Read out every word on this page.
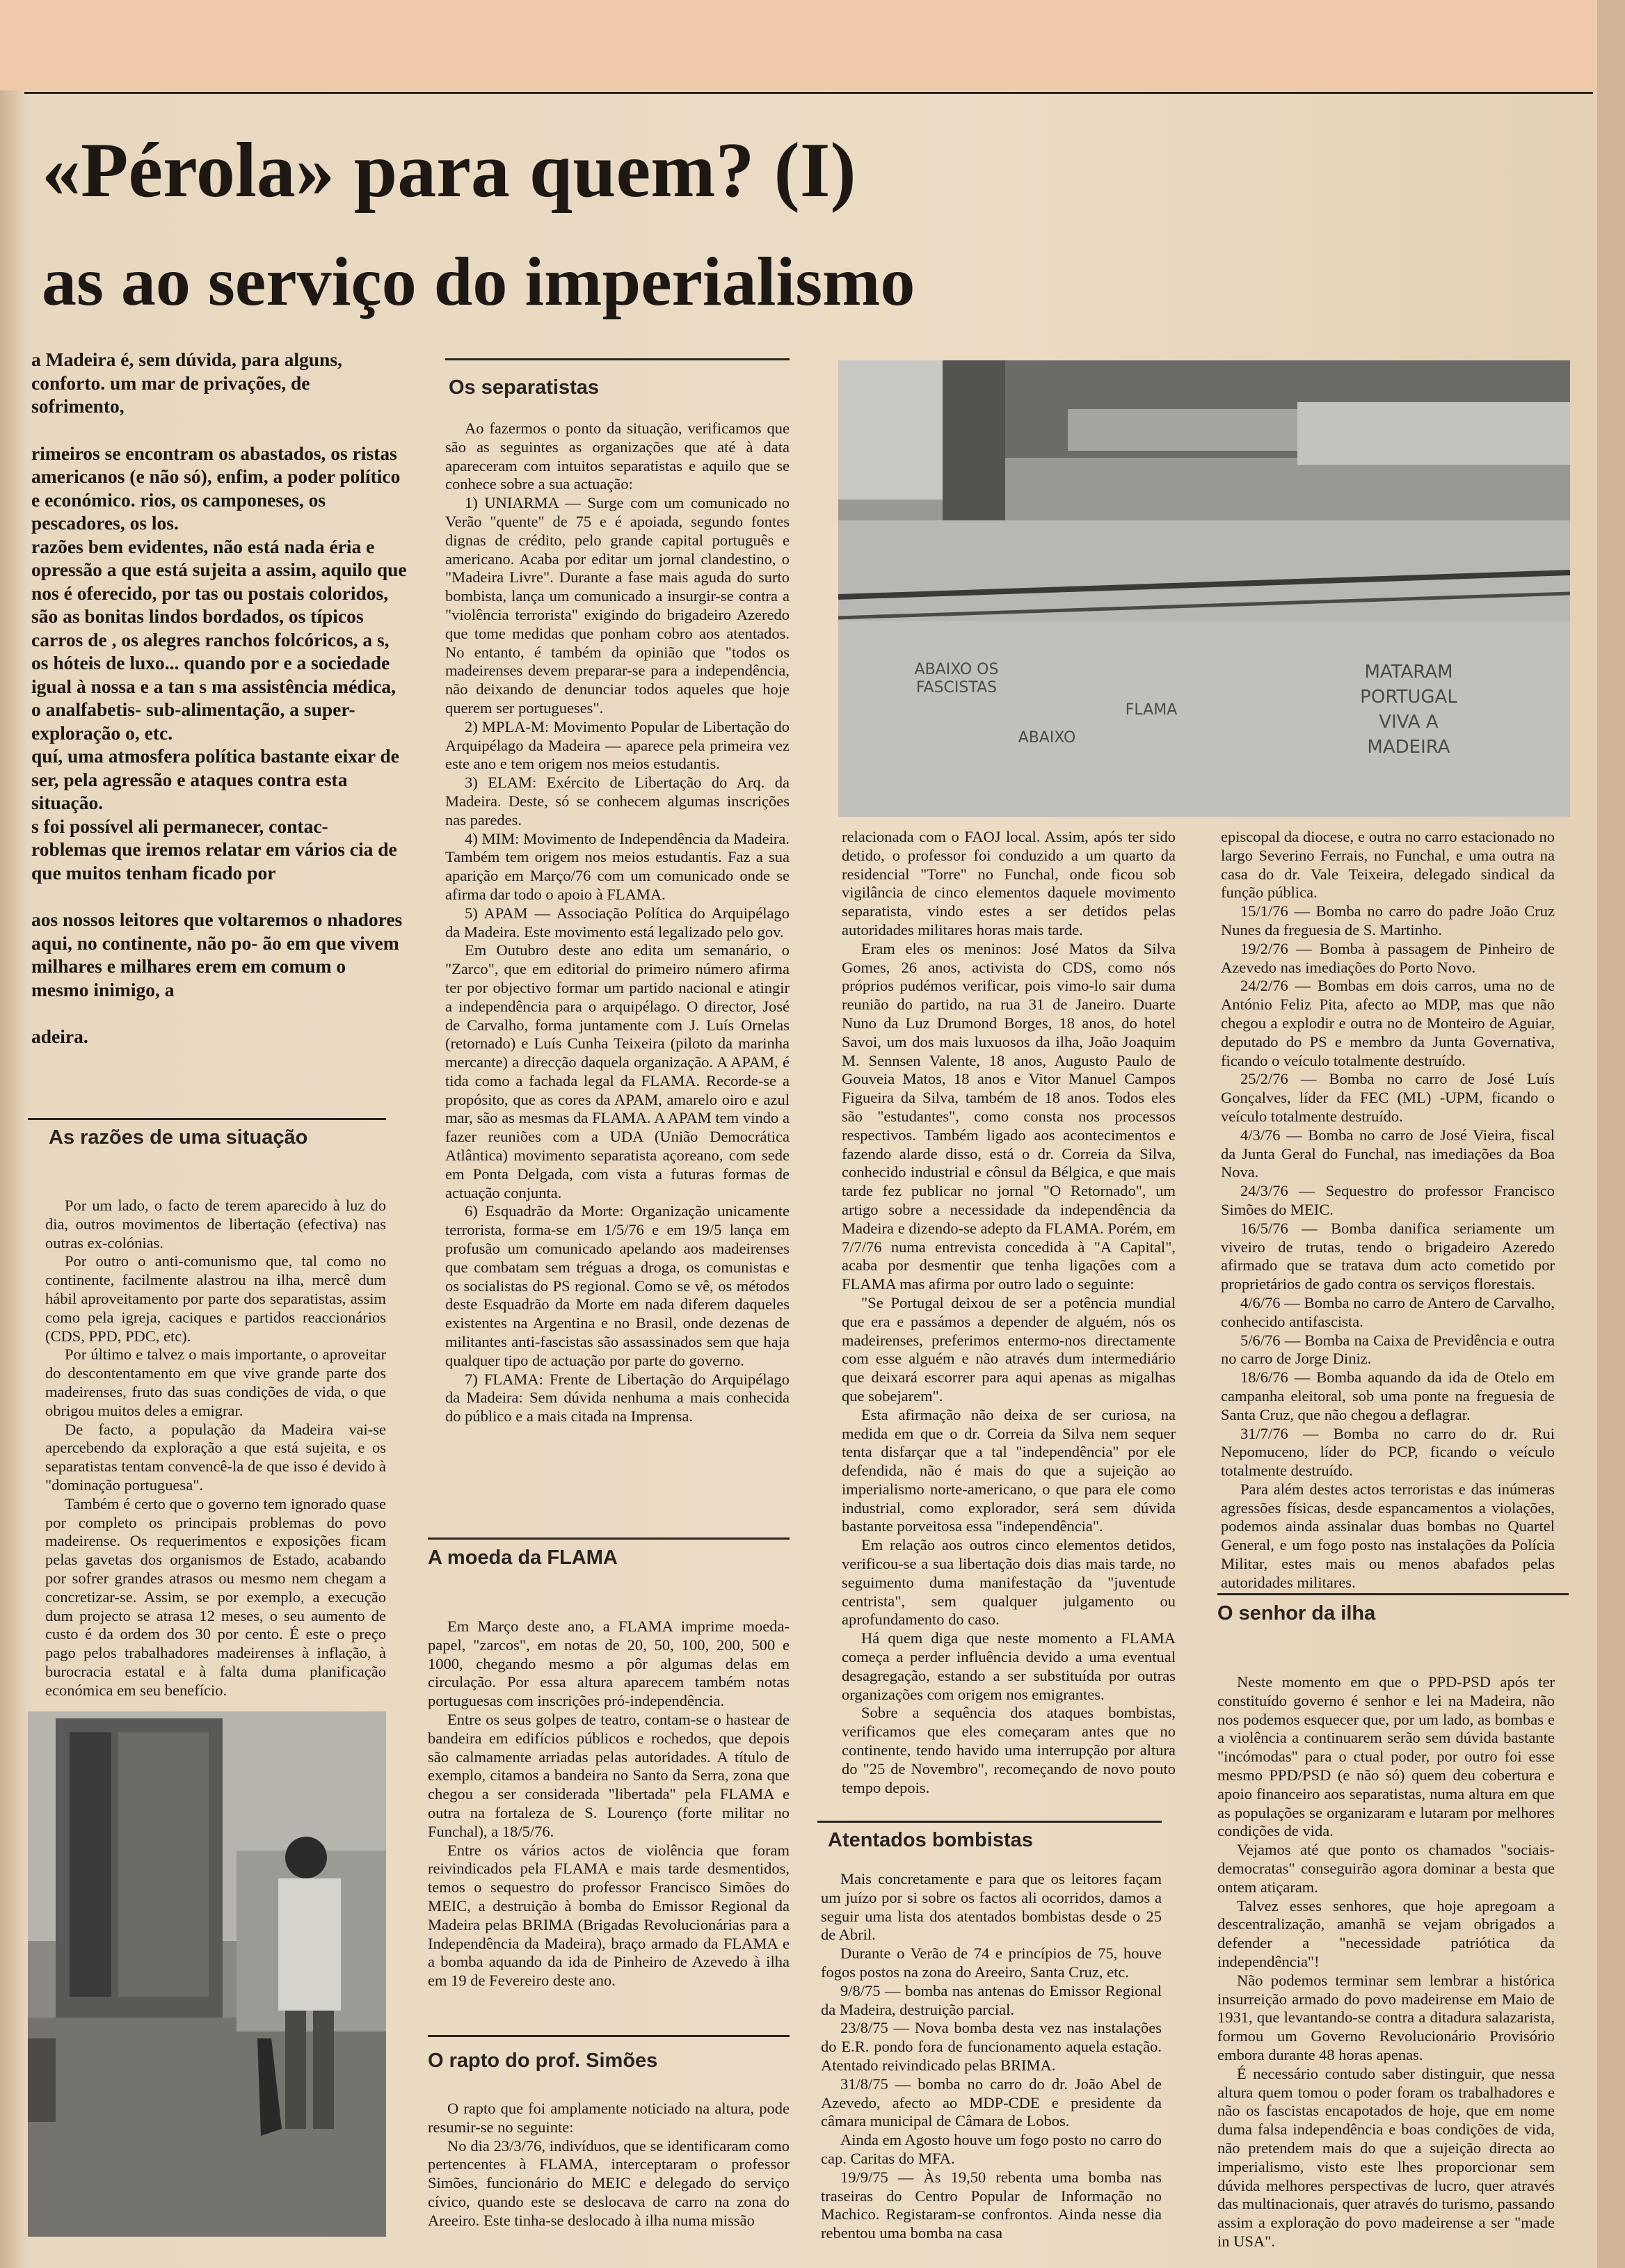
«Pérola» para quem? (I)
as ao serviço do imperialismo

a Madeira é, sem dúvida, para alguns, conforto. um mar de privações, de sofrimento,

rimeiros se encontram os abastados, os ristas americanos (e não só), enfim, a poder político e económico. rios, os camponeses, os pescadores, os los.

razões bem evidentes, não está nada éria e opressão a que está sujeita a assim, aquilo que nos é oferecido, por tas ou postais coloridos, são as bonitas lindos bordados, os típicos carros de , os alegres ranchos folcóricos, a s, os hóteis de luxo... quando por e a sociedade igual à nossa e a tan s ma assistência médica, o analfabetis- sub-alimentação, a super-exploração o, etc.

quí, uma atmosfera política bastante eixar de ser, pela agressão e ataques contra esta situação.

s foi possível ali permanecer, contac- roblemas que iremos relatar em vários cia de que muitos tenham ficado por

aos nossos leitores que voltaremos o nhadores aqui, no continente, não po- ão em que vivem milhares e milhares erem em comum o mesmo inimigo, a

adeira.

As razões de uma situação

Por um lado, o facto de terem aparecido à luz do dia, outros movimentos de libertação (efectiva) nas outras ex-colónias.

Por outro o anti-comunismo que, tal como no continente, facilmente alastrou na ilha, mercê dum hábil aproveitamento por parte dos separatistas, assim como pela igreja, caciques e partidos reaccionários (CDS, PPD, PDC, etc).

Por último e talvez o mais importante, o aproveitar do descontentamento em que vive grande parte dos madeirenses, fruto das suas condições de vida, o que obrigou muitos deles a emigrar.

De facto, a população da Madeira vai-se apercebendo da exploração a que está sujeita, e os separatistas tentam convencê-la de que isso é devido à "dominação portuguesa".

Também é certo que o governo tem ignorado quase por completo os principais problemas do povo madeirense. Os requerimentos e exposições ficam pelas gavetas dos organismos de Estado, acabando por sofrer grandes atrasos ou mesmo nem chegam a concretizar-se. Assim, se por exemplo, a execução dum projecto se atrasa 12 meses, o seu aumento de custo é da ordem dos 30 por cento. É este o preço pago pelos trabalhadores madeirenses à inflação, à burocracia estatal e à falta duma planificação económica em seu benefício.

Os separatistas

Ao fazermos o ponto da situação, verificamos que são as seguintes as organizações que até à data apareceram com intuitos separatistas e aquilo que se conhece sobre a sua actuação:

1) UNIARMA — Surge com um comunicado no Verão "quente" de 75 e é apoiada, segundo fontes dignas de crédito, pelo grande capital português e americano. Acaba por editar um jornal clandestino, o "Madeira Livre". Durante a fase mais aguda do surto bombista, lança um comunicado a insurgir-se contra a "violência terrorista" exigindo do brigadeiro Azeredo que tome medidas que ponham cobro aos atentados. No entanto, é também da opinião que "todos os madeirenses devem preparar-se para a independência, não deixando de denunciar todos aqueles que hoje querem ser portugueses".

2) MPLA-M: Movimento Popular de Libertação do Arquipélago da Madeira — aparece pela primeira vez este ano e tem origem nos meios estudantis.

3) ELAM: Exército de Libertação do Arq. da Madeira. Deste, só se conhecem algumas inscrições nas paredes.

4) MIM: Movimento de Independência da Madeira. Também tem origem nos meios estudantis. Faz a sua aparição em Março/76 com um comunicado onde se afirma dar todo o apoio à FLAMA.

5) APAM — Associação Política do Arquipélago da Madeira. Este movimento está legalizado pelo gov.

Em Outubro deste ano edita um semanário, o "Zarco", que em editorial do primeiro número afirma ter por objectivo formar um partido nacional e atingir a independência para o arquipélago. O director, José de Carvalho, forma juntamente com J. Luís Ornelas (retornado) e Luís Cunha Teixeira (piloto da marinha mercante) a direcção daquela organização. A APAM, é tida como a fachada legal da FLAMA. Recorde-se a propósito, que as cores da APAM, amarelo oiro e azul mar, são as mesmas da FLAMA. A APAM tem vindo a fazer reuniões com a UDA (União Democrática Atlântica) movimento separatista açoreano, com sede em Ponta Delgada, com vista a futuras formas de actuação conjunta.

6) Esquadrão da Morte: Organização unicamente terrorista, forma-se em 1/5/76 e em 19/5 lança em profusão um comunicado apelando aos madeirenses que combatam sem tréguas a droga, os comunistas e os socialistas do PS regional. Como se vê, os métodos deste Esquadrão da Morte em nada diferem daqueles existentes na Argentina e no Brasil, onde dezenas de militantes anti-fascistas são assassinados sem que haja qualquer tipo de actuação por parte do governo.

7) FLAMA: Frente de Libertação do Arquipélago da Madeira: Sem dúvida nenhuma a mais conhecida do público e a mais citada na Imprensa.

A moeda da FLAMA

Em Março deste ano, a FLAMA imprime moeda-papel, "zarcos", em notas de 20, 50, 100, 200, 500 e 1000, chegando mesmo a pôr algumas delas em circulação. Por essa altura aparecem também notas portuguesas com inscrições pró-independência.

Entre os seus golpes de teatro, contam-se o hastear de bandeira em edifícios públicos e rochedos, que depois são calmamente arriadas pelas autoridades. A título de exemplo, citamos a bandeira no Santo da Serra, zona que chegou a ser considerada "libertada" pela FLAMA e outra na fortaleza de S. Lourenço (forte militar no Funchal), a 18/5/76.

Entre os vários actos de violência que foram reivindicados pela FLAMA e mais tarde desmentidos, temos o sequestro do professor Francisco Simões do MEIC, a destruição à bomba do Emissor Regional da Madeira pelas BRIMA (Brigadas Revolucionárias para a Independência da Madeira), braço armado da FLAMA e a bomba aquando da ida de Pinheiro de Azevedo à ilha em 19 de Fevereiro deste ano.

O rapto do prof. Simões

O rapto que foi amplamente noticiado na altura, pode resumir-se no seguinte:

No dia 23/3/76, indivíduos, que se identificaram como pertencentes à FLAMA, interceptaram o professor Simões, funcionário do MEIC e delegado do serviço cívico, quando este se deslocava de carro na zona do Areeiro. Este tinha-se deslocado à ilha numa missão

ABAIXO OS FASCISTAS
FLAMA
MATARAM PORTUGAL VIVA A MADEIRA
ABAIXO

relacionada com o FAOJ local. Assim, após ter sido detido, o professor foi conduzido a um quarto da residencial "Torre" no Funchal, onde ficou sob vigilância de cinco elementos daquele movimento separatista, vindo estes a ser detidos pelas autoridades militares horas mais tarde.

Eram eles os meninos: José Matos da Silva Gomes, 26 anos, activista do CDS, como nós próprios pudémos verificar, pois vimo-lo sair duma reunião do partido, na rua 31 de Janeiro. Duarte Nuno da Luz Drumond Borges, 18 anos, do hotel Savoi, um dos mais luxuosos da ilha, João Joaquim M. Sennsen Valente, 18 anos, Augusto Paulo de Gouveia Matos, 18 anos e Vitor Manuel Campos Figueira da Silva, também de 18 anos. Todos eles são "estudantes", como consta nos processos respectivos. Também ligado aos acontecimentos e fazendo alarde disso, está o dr. Correia da Silva, conhecido industrial e cônsul da Bélgica, e que mais tarde fez publicar no jornal "O Retornado", um artigo sobre a necessidade da independência da Madeira e dizendo-se adepto da FLAMA. Porém, em 7/7/76 numa entrevista concedida à "A Capital", acaba por desmentir que tenha ligações com a FLAMA mas afirma por outro lado o seguinte:

"Se Portugal deixou de ser a potência mundial que era e passámos a depender de alguém, nós os madeirenses, preferimos entermo-nos directamente com esse alguém e não através dum intermediário que deixará escorrer para aqui apenas as migalhas que sobejarem".

Esta afirmação não deixa de ser curiosa, na medida em que o dr. Correia da Silva nem sequer tenta disfarçar que a tal "independência" por ele defendida, não é mais do que a sujeição ao imperialismo norte-americano, o que para ele como industrial, como explorador, será sem dúvida bastante porveitosa essa "independência".

Em relação aos outros cinco elementos detidos, verificou-se a sua libertação dois dias mais tarde, no seguimento duma manifestação da "juventude centrista", sem qualquer julgamento ou aprofundamento do caso.

Há quem diga que neste momento a FLAMA começa a perder influência devido a uma eventual desagregação, estando a ser substituída por outras organizações com origem nos emigrantes.

Sobre a sequência dos ataques bombistas, verificamos que eles começaram antes que no continente, tendo havido uma interrupção por altura do "25 de Novembro", recomeçando de novo pouto tempo depois.

Atentados bombistas

Mais concretamente e para que os leitores façam um juízo por si sobre os factos ali ocorridos, damos a seguir uma lista dos atentados bombistas desde o 25 de Abril.

Durante o Verão de 74 e princípios de 75, houve fogos postos na zona do Areeiro, Santa Cruz, etc.

9/8/75 — bomba nas antenas do Emissor Regional da Madeira, destruição parcial.

23/8/75 — Nova bomba desta vez nas instalações do E.R. pondo fora de funcionamento aquela estação. Atentado reivindicado pelas BRIMA.

31/8/75 — bomba no carro do dr. João Abel de Azevedo, afecto ao MDP-CDE e presidente da câmara municipal de Câmara de Lobos.

Ainda em Agosto houve um fogo posto no carro do cap. Caritas do MFA.

19/9/75 — Às 19,50 rebenta uma bomba nas traseiras do Centro Popular de Informação no Machico. Registaram-se confrontos. Ainda nesse dia rebentou uma bomba na casa

episcopal da diocese, e outra no carro estacionado no largo Severino Ferrais, no Funchal, e uma outra na casa do dr. Vale Teixeira, delegado sindical da função pública.

15/1/76 — Bomba no carro do padre João Cruz Nunes da freguesia de S. Martinho.

19/2/76 — Bomba à passagem de Pinheiro de Azevedo nas imediações do Porto Novo.

24/2/76 — Bombas em dois carros, uma no de António Feliz Pita, afecto ao MDP, mas que não chegou a explodir e outra no de Monteiro de Aguiar, deputado do PS e membro da Junta Governativa, ficando o veículo totalmente destruído.

25/2/76 — Bomba no carro de José Luís Gonçalves, líder da FEC (ML) -UPM, ficando o veículo totalmente destruído.

4/3/76 — Bomba no carro de José Vieira, fiscal da Junta Geral do Funchal, nas imediações da Boa Nova.

24/3/76 — Sequestro do professor Francisco Simões do MEIC.

16/5/76 — Bomba danifica seriamente um viveiro de trutas, tendo o brigadeiro Azeredo afirmado que se tratava dum acto cometido por proprietários de gado contra os serviços florestais.

4/6/76 — Bomba no carro de Antero de Carvalho, conhecido antifascista.

5/6/76 — Bomba na Caixa de Previdência e outra no carro de Jorge Diniz.

18/6/76 — Bomba aquando da ida de Otelo em campanha eleitoral, sob uma ponte na freguesia de Santa Cruz, que não chegou a deflagrar.

31/7/76 — Bomba no carro do dr. Rui Nepomuceno, líder do PCP, ficando o veículo totalmente destruído.

Para além destes actos terroristas e das inúmeras agressões físicas, desde espancamentos a violações, podemos ainda assinalar duas bombas no Quartel General, e um fogo posto nas instalações da Polícia Militar, estes mais ou menos abafados pelas autoridades militares.

O senhor da ilha

Neste momento em que o PPD-PSD após ter constituído governo é senhor e lei na Madeira, não nos podemos esquecer que, por um lado, as bombas e a violência a continuarem serão sem dúvida bastante "incómodas" para o ctual poder, por outro foi esse mesmo PPD/PSD (e não só) quem deu cobertura e apoio financeiro aos separatistas, numa altura em que as populações se organizaram e lutaram por melhores condições de vida.

Vejamos até que ponto os chamados "sociais-democratas" conseguirão agora dominar a besta que ontem atiçaram.

Talvez esses senhores, que hoje apregoam a descentralização, amanhã se vejam obrigados a defender a "necessidade patriótica da independência"!

Não podemos terminar sem lembrar a histórica insurreição armado do povo madeirense em Maio de 1931, que levantando-se contra a ditadura salazarista, formou um Governo Revolucionário Provisório embora durante 48 horas apenas.

É necessário contudo saber distinguir, que nessa altura quem tomou o poder foram os trabalhadores e não os fascistas encapotados de hoje, que em nome duma falsa independência e boas condições de vida, não pretendem mais do que a sujeição directa ao imperialismo, visto este lhes proporcionar sem dúvida melhores perspectivas de lucro, quer através das multinacionais, quer através do turismo, passando assim a exploração do povo madeirense a ser "made in USA".
